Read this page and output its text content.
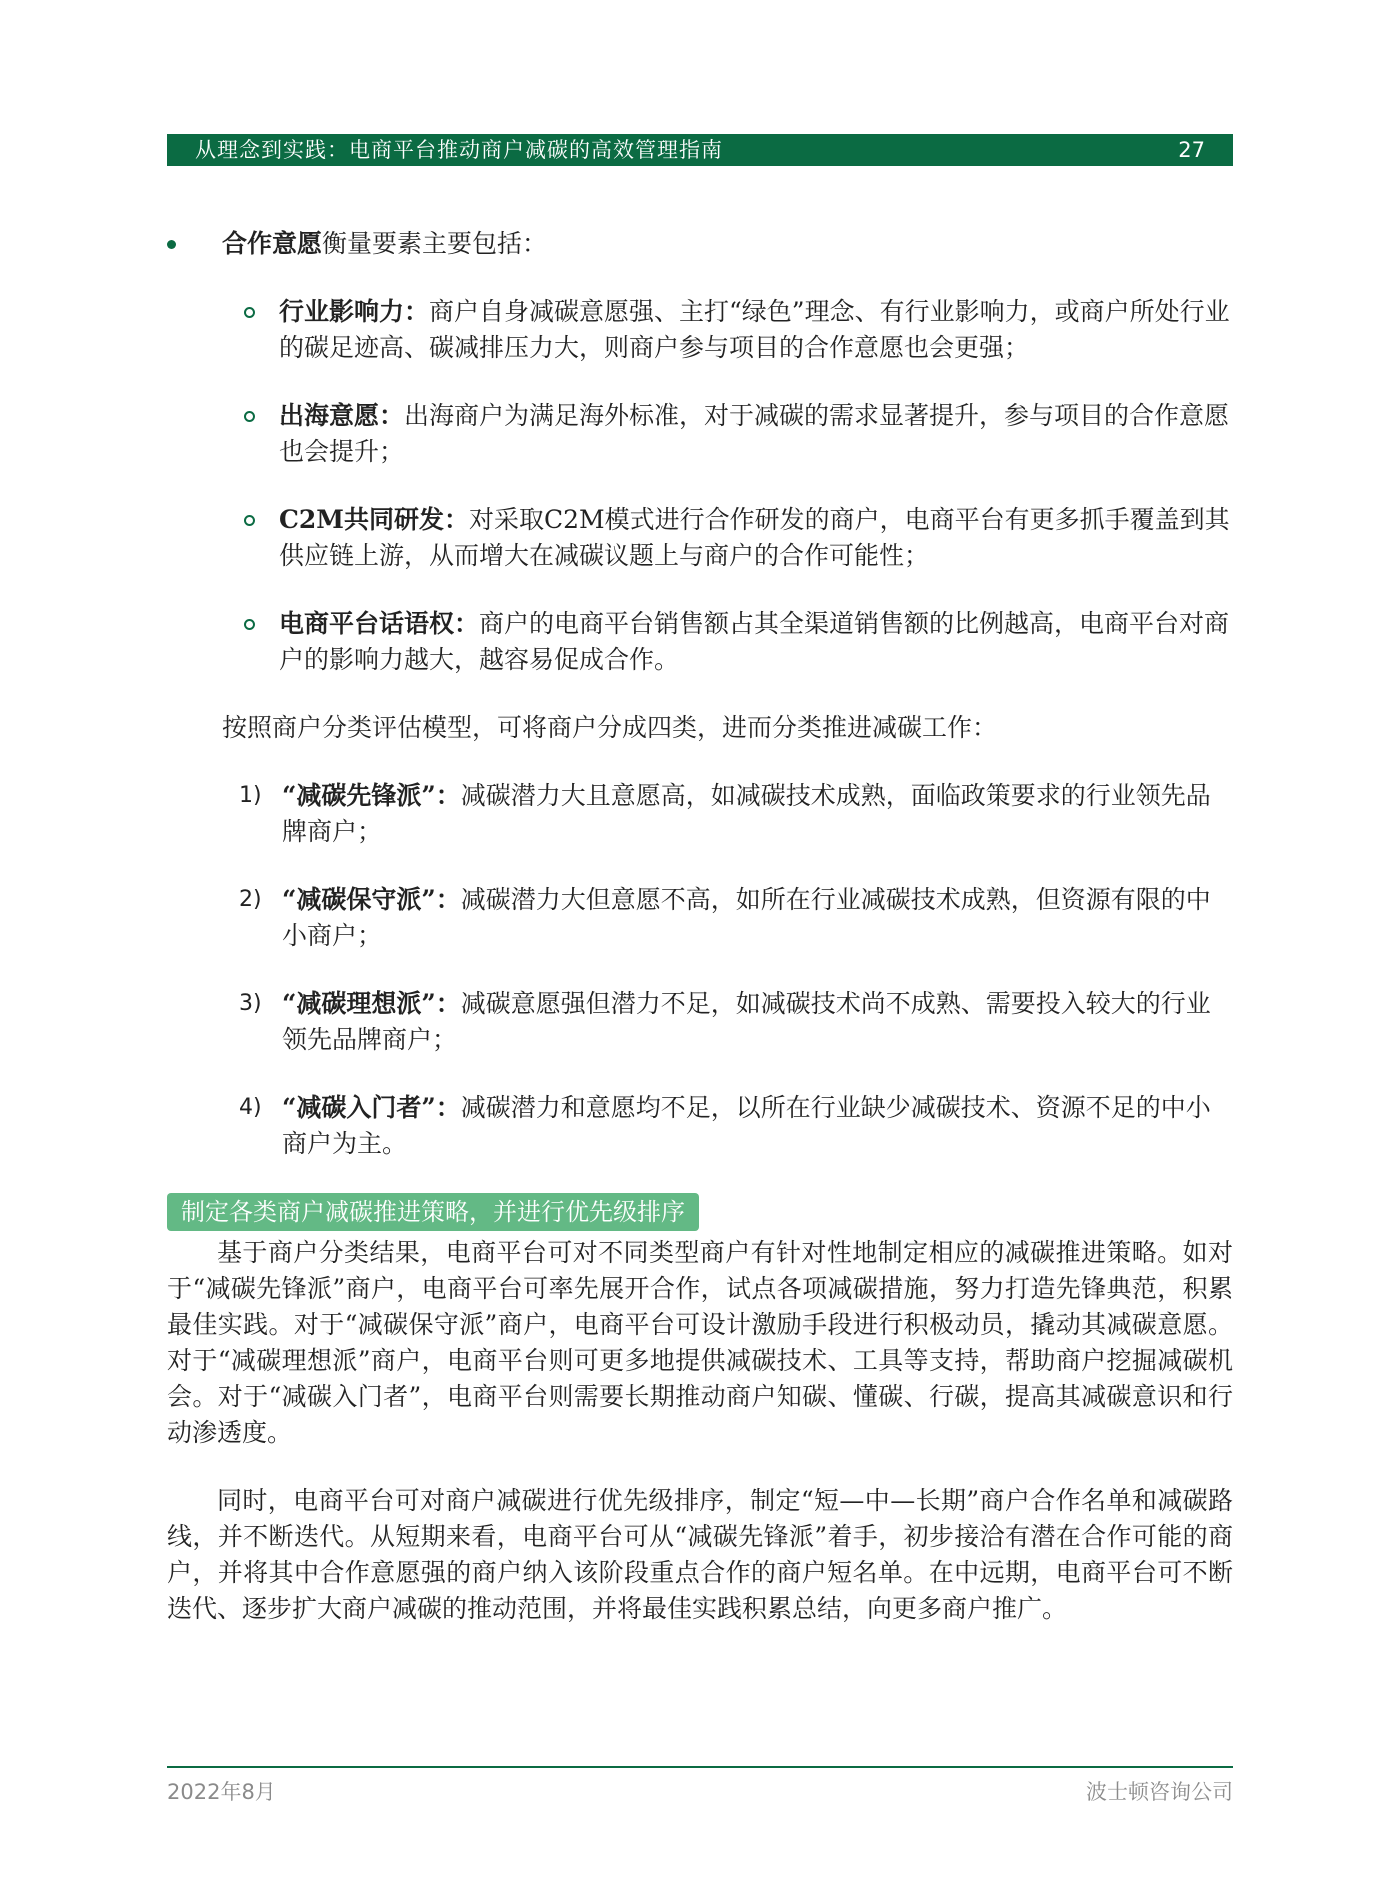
从理念到实践：电商平台推动商户减碳的高效管理指南	27
合作意愿衡量要素主要包括：
行业影响力：商户自身减碳意愿强、主打“绿色”理念、有行业影响力，或商户所处行业的碳足迹高、碳减排压力大，则商户参与项目的合作意愿也会更强；
出海意愿：出海商户为满足海外标准，对于减碳的需求显著提升，参与项目的合作意愿也会提升；
C2M共同研发：对采取C2M模式进行合作研发的商户，电商平台有更多抓手覆盖到其供应链上游，从而增大在减碳议题上与商户的合作可能性；
电商平台话语权：商户的电商平台销售额占其全渠道销售额的比例越高，电商平台对商户的影响力越大，越容易促成合作。
按照商户分类评估模型，可将商户分成四类，进而分类推进减碳工作：
1) “减碳先锋派”：减碳潜力大且意愿高，如减碳技术成熟，面临政策要求的行业领先品牌商户；
2) “减碳保守派”：减碳潜力大但意愿不高，如所在行业减碳技术成熟，但资源有限的中小商户；
3) “减碳理想派”：减碳意愿强但潜力不足，如减碳技术尚不成熟、需要投入较大的行业领先品牌商户；
4) “减碳入门者”：减碳潜力和意愿均不足，以所在行业缺少减碳技术、资源不足的中小商户为主。
制定各类商户减碳推进策略，并进行优先级排序

基于商户分类结果，电商平台可对不同类型商户有针对性地制定相应的减碳推进策略。如对于“减碳先锋派”商户，电商平台可率先展开合作，试点各项减碳措施，努力打造先锋典范，积累最佳实践。对于“减碳保守派”商户，电商平台可设计激励手段进行积极动员，撬动其减碳意愿。对于“减碳理想派”商户，电商平台则可更多地提供减碳技术、工具等支持，帮助商户挖掘减碳机会。对于“减碳入门者”，电商平台则需要长期推动商户知碳、懂碳、行碳，提高其减碳意识和行动渗透度。

同时，电商平台可对商户减碳进行优先级排序，制定“短—中—长期”商户合作名单和减碳路线，并不断迭代。从短期来看，电商平台可从“减碳先锋派”着手，初步接洽有潜在合作可能的商户，并将其中合作意愿强的商户纳入该阶段重点合作的商户短名单。在中远期，电商平台可不断迭代、逐步扩大商户减碳的推动范围，并将最佳实践积累总结，向更多商户推广。

2022年8月	波士顿咨询公司
